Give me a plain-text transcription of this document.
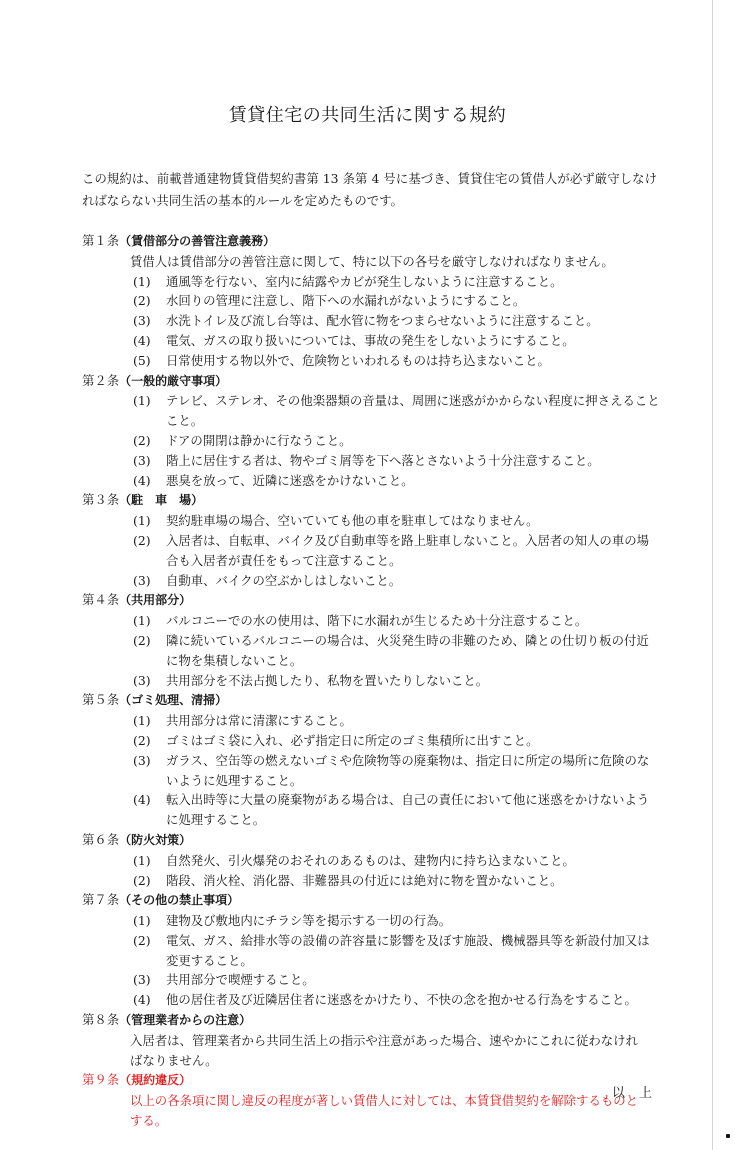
賃貸住宅の共同生活に関する規約
この規約は、前載普通建物賃貸借契約書第 13 条第 4 号に基づき、賃貸住宅の賃借人が必ず厳守しなければならない共同生活の基本的ルールを定めたものです。
第１条（賃借部分の善管注意義務）
賃借人は賃借部分の善管注意に関して、特に以下の各号を厳守しなければなりません。
(1) 通風等を行ない、室内に結露やカビが発生しないように注意すること。
(2) 水回りの管理に注意し、階下への水漏れがないようにすること。
(3) 水洗トイレ及び流し台等は、配水管に物をつまらせないように注意すること。
(4) 電気、ガスの取り扱いについては、事故の発生をしないようにすること。
(5) 日常使用する物以外で、危険物といわれるものは持ち込まないこと。
第２条（一般的厳守事項）
(1) テレビ、ステレオ、その他楽器類の音量は、周囲に迷惑がかからない程度に押さえることこと。
(2) ドアの開閉は静かに行なうこと。
(3) 階上に居住する者は、物やゴミ屑等を下へ落とさないよう十分注意すること。
(4) 悪臭を放って、近隣に迷惑をかけないこと。
第３条（駐　車　場）
(1) 契約駐車場の場合、空いていても他の車を駐車してはなりません。
(2) 入居者は、自転車、バイク及び自動車等を路上駐車しないこと。入居者の知人の車の場合も入居者が責任をもって注意すること。
(3) 自動車、バイクの空ぶかしはしないこと。
第４条（共用部分）
(1) バルコニーでの水の使用は、階下に水漏れが生じるため十分注意すること。
(2) 隣に続いているバルコニーの場合は、火災発生時の非難のため、隣との仕切り板の付近に物を集積しないこと。
(3) 共用部分を不法占拠したり、私物を置いたりしないこと。
第５条（ゴミ処理、清掃）
(1) 共用部分は常に清潔にすること。
(2) ゴミはゴミ袋に入れ、必ず指定日に所定のゴミ集積所に出すこと。
(3) ガラス、空缶等の燃えないゴミや危険物等の廃棄物は、指定日に所定の場所に危険のないように処理すること。
(4) 転入出時等に大量の廃棄物がある場合は、自己の責任において他に迷惑をかけないように処理すること。
第６条（防火対策）
(1) 自然発火、引火爆発のおそれのあるものは、建物内に持ち込まないこと。
(2) 階段、消火栓、消化器、非難器具の付近には絶対に物を置かないこと。
第７条（その他の禁止事項）
(1) 建物及び敷地内にチラシ等を掲示する一切の行為。
(2) 電気、ガス、給排水等の設備の許容量に影響を及ぼす施設、機械器具等を新設付加又は変更すること。
(3) 共用部分で喫煙すること。
(4) 他の居住者及び近隣居住者に迷惑をかけたり、不快の念を抱かせる行為をすること。
第８条（管理業者からの注意）
入居者は、管理業者から共同生活上の指示や注意があった場合、速やかにこれに従わなければなりません。
第９条（規約違反）
以上の各条項に関し違反の程度が著しい賃借人に対しては、本賃貸借契約を解除するものとする。
以上
